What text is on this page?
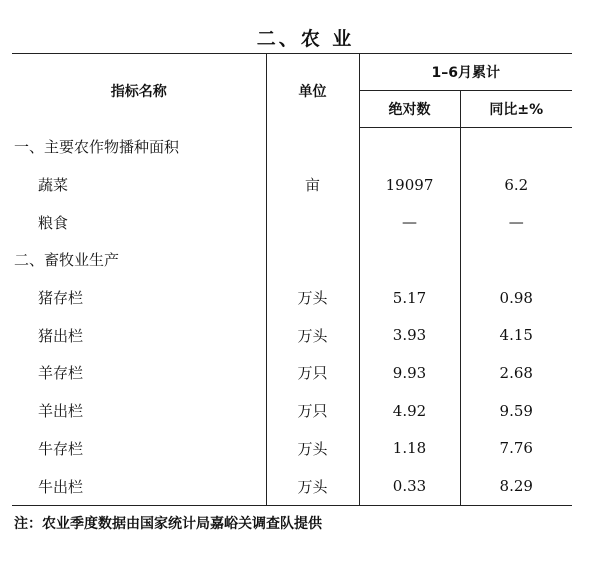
二、农 业
指标名称	单位	1–6月累计	
		绝对数	同比±%
一、主要农作物播种面积			
蔬菜	亩	19097	6.2
粮食		—	—
二、畜牧业生产			
猪存栏	万头	5.17	0.98
猪出栏	万头	3.93	4.15
羊存栏	万只	9.93	2.68
羊出栏	万只	4.92	9.59
牛存栏	万头	1.18	7.76
牛出栏	万头	0.33	8.29
注：农业季度数据由国家统计局嘉峪关调查队提供
